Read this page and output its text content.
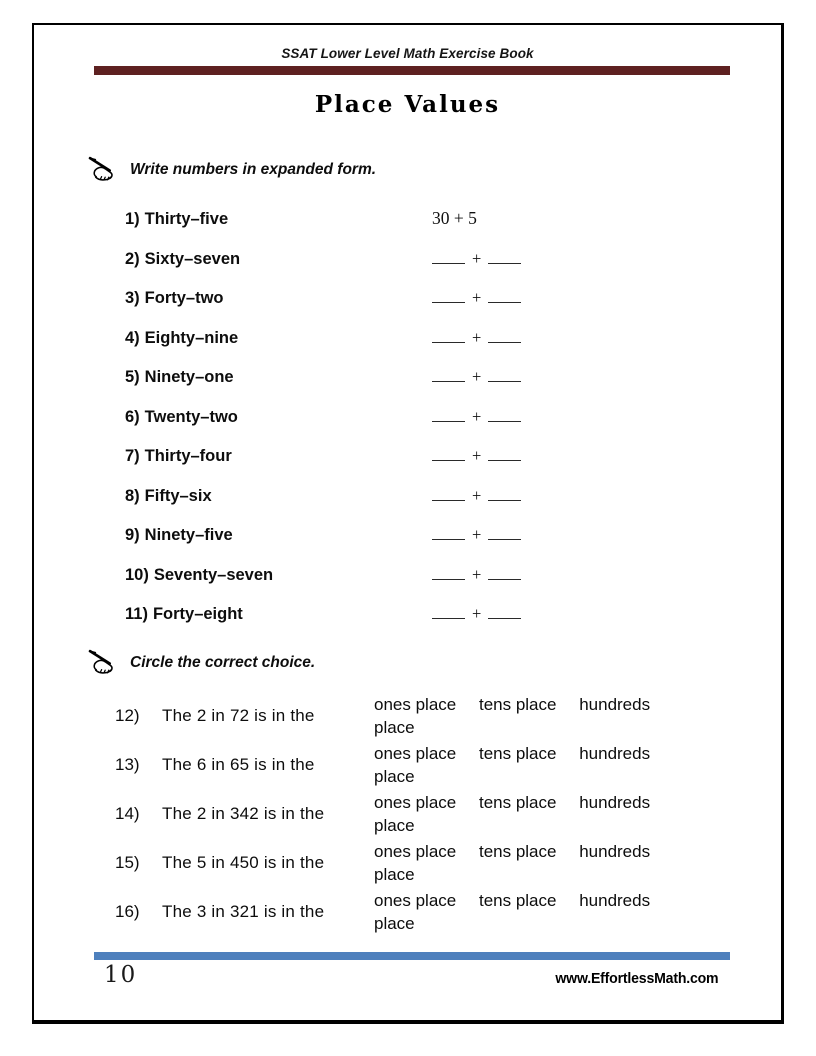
SSAT Lower Level Math Exercise Book
Place Values
Write numbers in expanded form.
1) Thirty–five	30 + 5
2) Sixty–seven	+
3) Forty–two	+
4) Eighty–nine	+
5) Ninety–one	+
6) Twenty–two	+
7) Thirty–four	+
8) Fifty–six	+
9) Ninety–five	+
10) Seventy–seven	+
11) Forty–eight	+
Circle the correct choice.
12)	The 2 in 72 is in the
ones place tens place hundreds place
13)	The 6 in 65 is in the
ones place tens place hundreds place
14)	The 2 in 342 is in the
ones place tens place hundreds place
15)	The 5 in 450 is in the
ones place tens place hundreds place
16)	The 3 in 321 is in the
ones place tens place hundreds place
10	www.EffortlessMath.com
